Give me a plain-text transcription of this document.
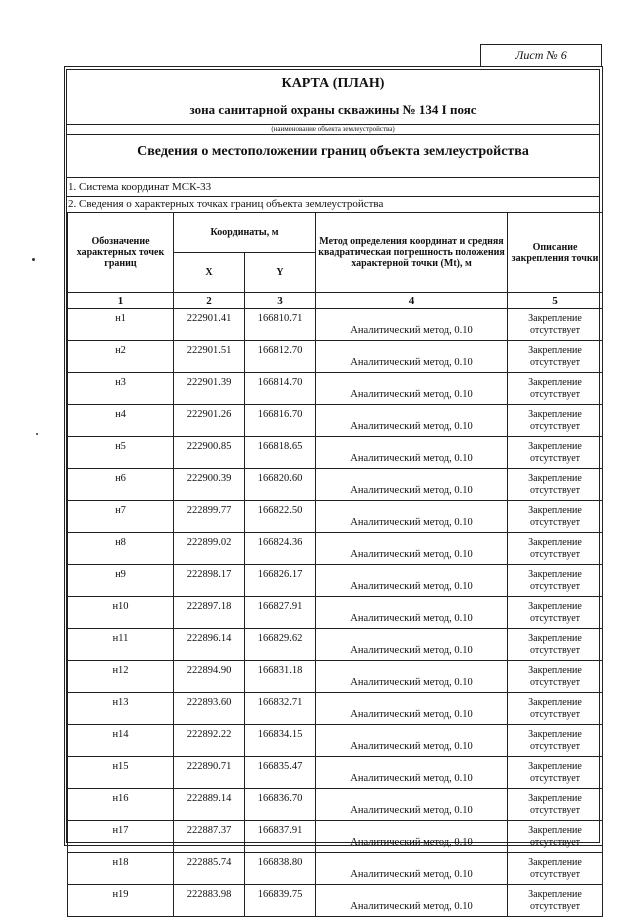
Лист № 6
КАРТА (ПЛАН)
зона санитарной охраны скважины № 134 I пояс
(наименование объекта землеустройства)
Сведения о местоположении границ объекта землеустройства
1. Система координат МСК-33
2. Сведения о характерных точках границ объекта землеустройства
Обозначение характерных точек границ	Координаты, м		Метод определения координат и средняя квадратическая погрешность положения характерной точки (Mt), м	Описание закрепления точки
	X	Y		
1	2	3	4	5
н1	222901.41	166810.71	Аналитический метод, 0.10	Закрепление отсутствует
н2	222901.51	166812.70	Аналитический метод, 0.10	Закрепление отсутствует
н3	222901.39	166814.70	Аналитический метод, 0.10	Закрепление отсутствует
н4	222901.26	166816.70	Аналитический метод, 0.10	Закрепление отсутствует
н5	222900.85	166818.65	Аналитический метод, 0.10	Закрепление отсутствует
н6	222900.39	166820.60	Аналитический метод, 0.10	Закрепление отсутствует
н7	222899.77	166822.50	Аналитический метод, 0.10	Закрепление отсутствует
н8	222899.02	166824.36	Аналитический метод, 0.10	Закрепление отсутствует
н9	222898.17	166826.17	Аналитический метод, 0.10	Закрепление отсутствует
н10	222897.18	166827.91	Аналитический метод, 0.10	Закрепление отсутствует
н11	222896.14	166829.62	Аналитический метод, 0.10	Закрепление отсутствует
н12	222894.90	166831.18	Аналитический метод, 0.10	Закрепление отсутствует
н13	222893.60	166832.71	Аналитический метод, 0.10	Закрепление отсутствует
н14	222892.22	166834.15	Аналитический метод, 0.10	Закрепление отсутствует
н15	222890.71	166835.47	Аналитический метод, 0.10	Закрепление отсутствует
н16	222889.14	166836.70	Аналитический метод, 0.10	Закрепление отсутствует
н17	222887.37	166837.91	Аналитический метод, 0.10	Закрепление отсутствует
н18	222885.74	166838.80	Аналитический метод, 0.10	Закрепление отсутствует
н19	222883.98	166839.75	Аналитический метод, 0.10	Закрепление отсутствует
